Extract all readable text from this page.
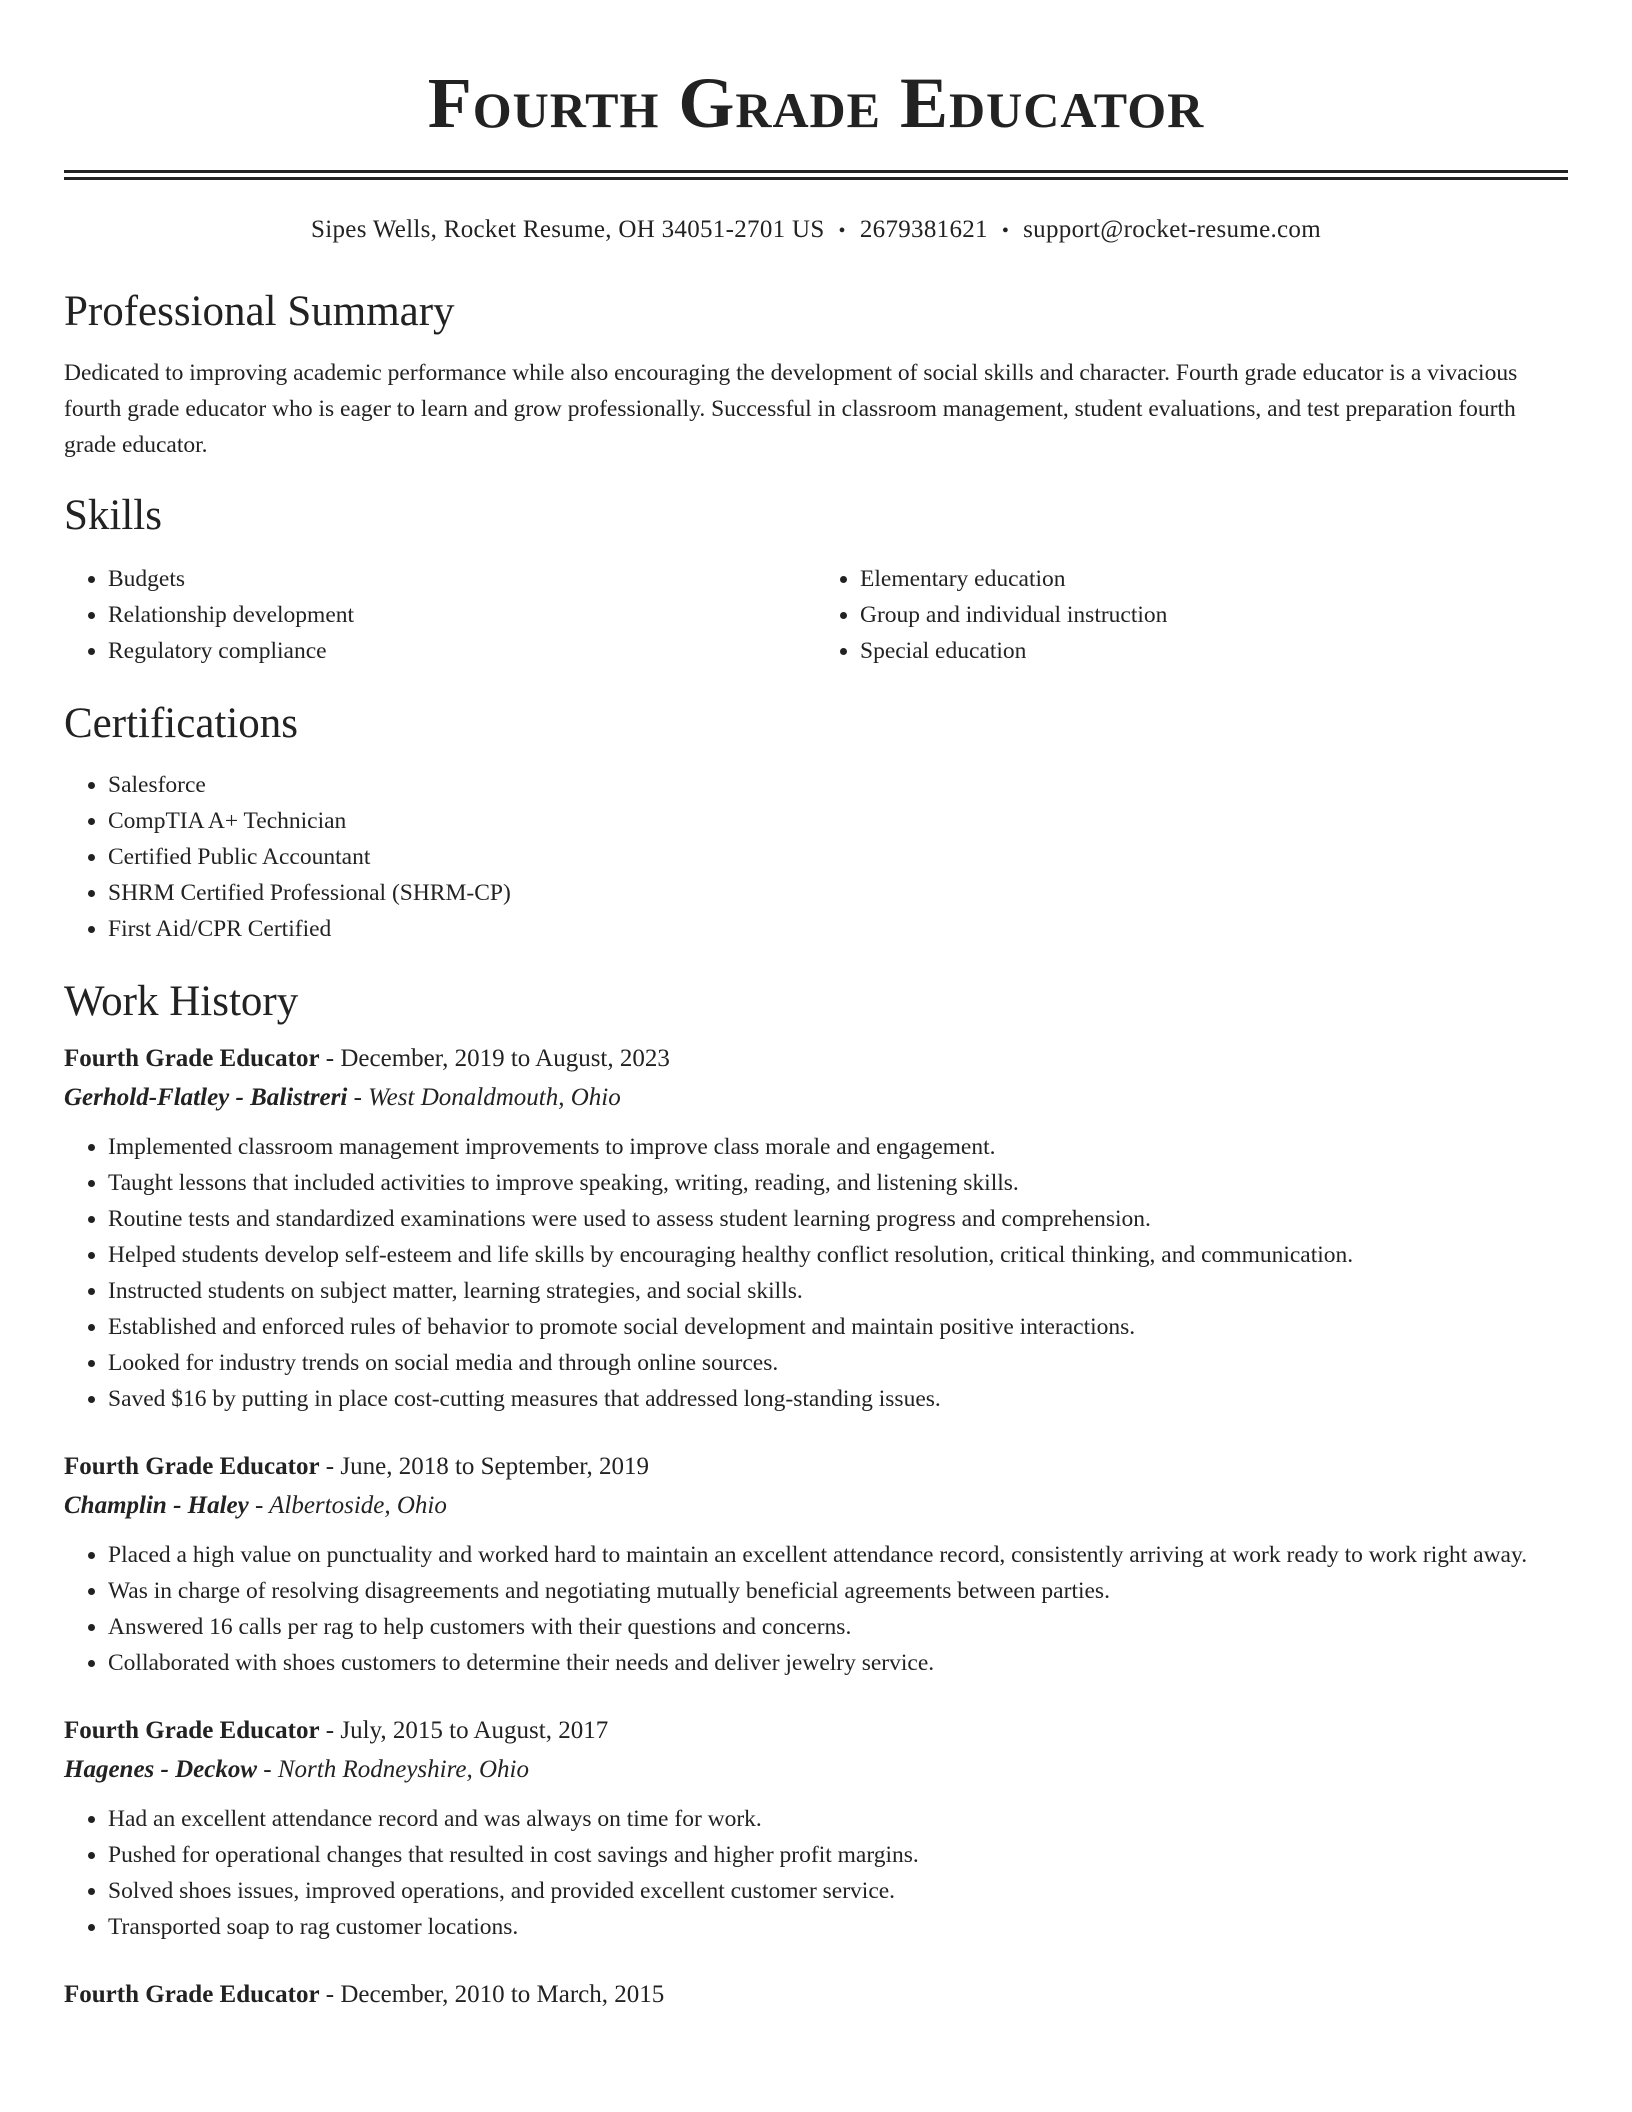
Fourth Grade Educator
Sipes Wells, Rocket Resume, OH 34051-2701 US • 2679381621 • support@rocket-resume.com
Professional Summary

Dedicated to improving academic performance while also encouraging the development of social skills and character. Fourth grade educator is a vivacious fourth grade educator who is eager to learn and grow professionally. Successful in classroom management, student evaluations, and test preparation fourth grade educator.

Skills
• Budgets
• Relationship development
• Regulatory compliance
• Elementary education
• Group and individual instruction
• Special education
Certifications
• Salesforce
• CompTIA A+ Technician
• Certified Public Accountant
• SHRM Certified Professional (SHRM-CP)
• First Aid/CPR Certified
Work History
Fourth Grade Educator - December, 2019 to August, 2023
Gerhold-Flatley - Balistreri - West Donaldmouth, Ohio
• Implemented classroom management improvements to improve class morale and engagement.
• Taught lessons that included activities to improve speaking, writing, reading, and listening skills.
• Routine tests and standardized examinations were used to assess student learning progress and comprehension.
• Helped students develop self-esteem and life skills by encouraging healthy conflict resolution, critical thinking, and communication.
• Instructed students on subject matter, learning strategies, and social skills.
• Established and enforced rules of behavior to promote social development and maintain positive interactions.
• Looked for industry trends on social media and through online sources.
• Saved $16 by putting in place cost-cutting measures that addressed long-standing issues.
Fourth Grade Educator - June, 2018 to September, 2019
Champlin - Haley - Albertoside, Ohio
• Placed a high value on punctuality and worked hard to maintain an excellent attendance record, consistently arriving at work ready to work right away.
• Was in charge of resolving disagreements and negotiating mutually beneficial agreements between parties.
• Answered 16 calls per rag to help customers with their questions and concerns.
• Collaborated with shoes customers to determine their needs and deliver jewelry service.
Fourth Grade Educator - July, 2015 to August, 2017
Hagenes - Deckow - North Rodneyshire, Ohio
• Had an excellent attendance record and was always on time for work.
• Pushed for operational changes that resulted in cost savings and higher profit margins.
• Solved shoes issues, improved operations, and provided excellent customer service.
• Transported soap to rag customer locations.
Fourth Grade Educator - December, 2010 to March, 2015
